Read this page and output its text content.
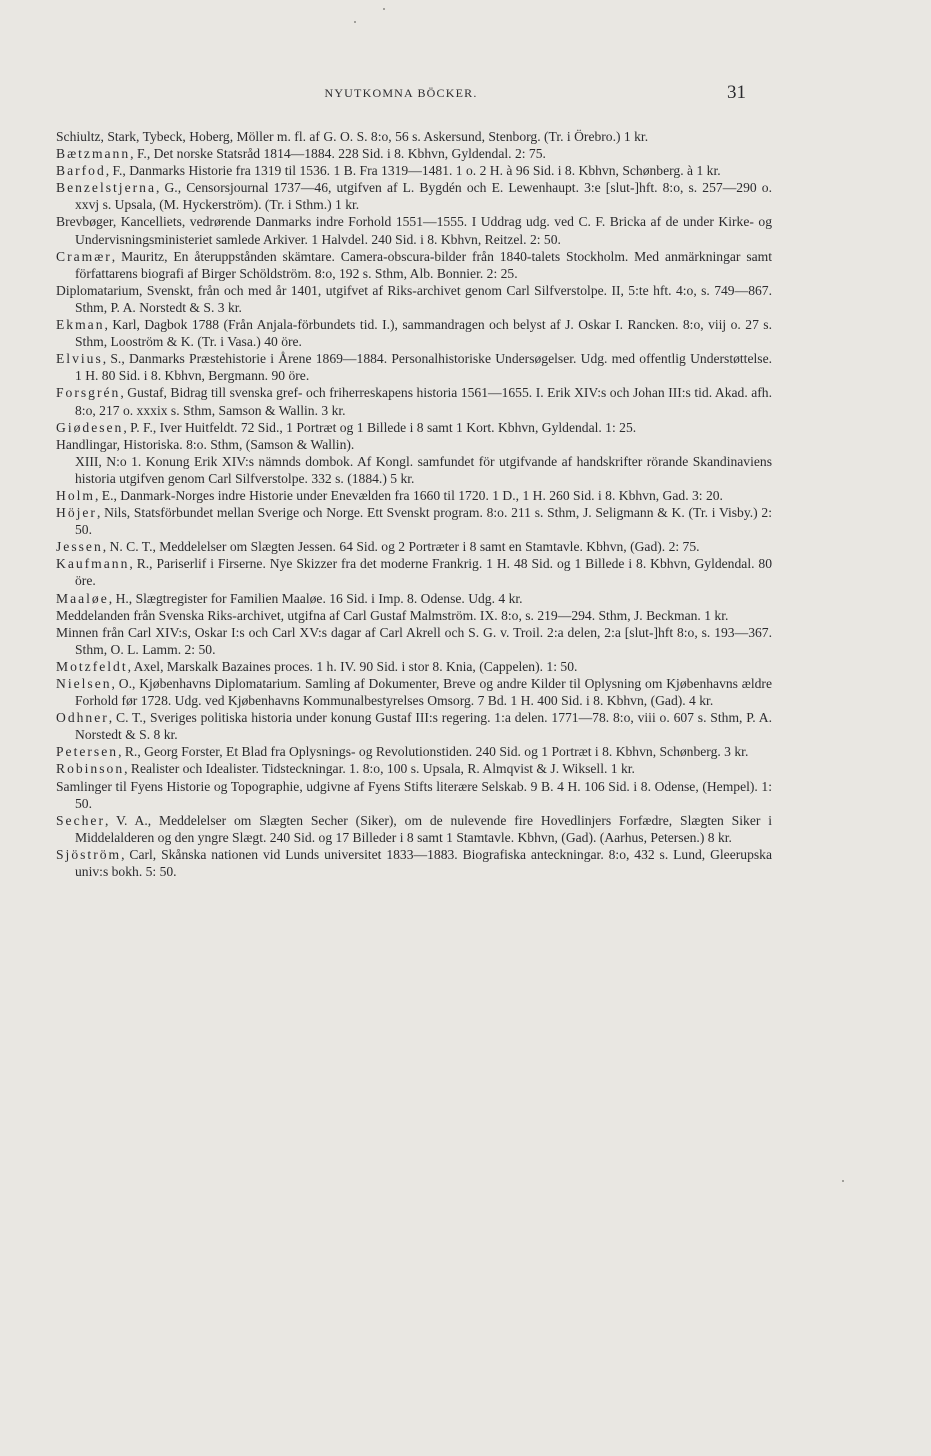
NYUTKOMNA BÖCKER.	31

Schiultz, Stark, Tybeck, Hoberg, Möller m. fl. af G. O. S. 8:o, 56 s. Askersund, Stenborg. (Tr. i Örebro.) 1 kr.

Bætzmann, F., Det norske Statsråd 1814—1884. 228 Sid. i 8. Kbhvn, Gyldendal. 2: 75.

Barfod, F., Danmarks Historie fra 1319 til 1536. 1 B. Fra 1319—1481. 1 o. 2 H. à 96 Sid. i 8. Kbhvn, Schønberg. à 1 kr.

Benzelstjerna, G., Censorsjournal 1737—46, utgifven af L. Bygdén och E. Lewenhaupt. 3:e [slut-]hft. 8:o, s. 257—290 o. xxvj s. Upsala, (M. Hyckerström). (Tr. i Sthm.) 1 kr.

Brevbøger, Kancelliets, vedrørende Danmarks indre Forhold 1551—1555. I Uddrag udg. ved C. F. Bricka af de under Kirke- og Undervisningsministeriet samlede Arkiver. 1 Halvdel. 240 Sid. i 8. Kbhvn, Reitzel. 2: 50.

Cramær, Mauritz, En återuppstånden skämtare. Camera-obscura-bilder från 1840-talets Stockholm. Med anmärkningar samt författarens biografi af Birger Schöldström. 8:o, 192 s. Sthm, Alb. Bonnier. 2: 25.

Diplomatarium, Svenskt, från och med år 1401, utgifvet af Riks-archivet genom Carl Silfverstolpe. II, 5:te hft. 4:o, s. 749—867. Sthm, P. A. Norstedt & S. 3 kr.

Ekman, Karl, Dagbok 1788 (Från Anjala-förbundets tid. I.), sammandragen och belyst af J. Oskar I. Rancken. 8:o, viij o. 27 s. Sthm, Looström & K. (Tr. i Vasa.) 40 öre.

Elvius, S., Danmarks Præstehistorie i Årene 1869—1884. Personalhistoriske Undersøgelser. Udg. med offentlig Understøttelse. 1 H. 80 Sid. i 8. Kbhvn, Bergmann. 90 öre.

Forsgrén, Gustaf, Bidrag till svenska gref- och friherreskapens historia 1561—1655. I. Erik XIV:s och Johan III:s tid. Akad. afh. 8:o, 217 o. xxxix s. Sthm, Samson & Wallin. 3 kr.

Giødesen, P. F., Iver Huitfeldt. 72 Sid., 1 Portræt og 1 Billede i 8 samt 1 Kort. Kbhvn, Gyldendal. 1: 25.

Handlingar, Historiska. 8:o. Sthm, (Samson & Wallin).

XIII, N:o 1. Konung Erik XIV:s nämnds dombok. Af Kongl. samfundet för utgifvande af handskrifter rörande Skandinaviens historia utgifven genom Carl Silfverstolpe. 332 s. (1884.) 5 kr.

Holm, E., Danmark-Norges indre Historie under Enevælden fra 1660 til 1720. 1 D., 1 H. 260 Sid. i 8. Kbhvn, Gad. 3: 20.

Höjer, Nils, Statsförbundet mellan Sverige och Norge. Ett Svenskt program. 8:o. 211 s. Sthm, J. Seligmann & K. (Tr. i Visby.) 2: 50.

Jessen, N. C. T., Meddelelser om Slægten Jessen. 64 Sid. og 2 Portræter i 8 samt en Stamtavle. Kbhvn, (Gad). 2: 75.

Kaufmann, R., Pariserlif i Firserne. Nye Skizzer fra det moderne Frankrig. 1 H. 48 Sid. og 1 Billede i 8. Kbhvn, Gyldendal. 80 öre.

Maaløe, H., Slægtregister for Familien Maaløe. 16 Sid. i Imp. 8. Odense. Udg. 4 kr.

Meddelanden från Svenska Riks-archivet, utgifna af Carl Gustaf Malmström. IX. 8:o, s. 219—294. Sthm, J. Beckman. 1 kr.

Minnen från Carl XIV:s, Oskar I:s och Carl XV:s dagar af Carl Akrell och S. G. v. Troil. 2:a delen, 2:a [slut-]hft 8:o, s. 193—367. Sthm, O. L. Lamm. 2: 50.

Motzfeldt, Axel, Marskalk Bazaines proces. 1 h. IV. 90 Sid. i stor 8. Knia, (Cappelen). 1: 50.

Nielsen, O., Kjøbenhavns Diplomatarium. Samling af Dokumenter, Breve og andre Kilder til Oplysning om Kjøbenhavns ældre Forhold før 1728. Udg. ved Kjøbenhavns Kommunalbestyrelses Omsorg. 7 Bd. 1 H. 400 Sid. i 8. Kbhvn, (Gad). 4 kr.

Odhner, C. T., Sveriges politiska historia under konung Gustaf III:s regering. 1:a delen. 1771—78. 8:o, viii o. 607 s. Sthm, P. A. Norstedt & S. 8 kr.

Petersen, R., Georg Forster, Et Blad fra Oplysnings- og Revolutionstiden. 240 Sid. og 1 Portræt i 8. Kbhvn, Schønberg. 3 kr.

Robinson, Realister och Idealister. Tidsteckningar. 1. 8:o, 100 s. Upsala, R. Almqvist & J. Wiksell. 1 kr.

Samlinger til Fyens Historie og Topographie, udgivne af Fyens Stifts literære Selskab. 9 B. 4 H. 106 Sid. i 8. Odense, (Hempel). 1: 50.

Secher, V. A., Meddelelser om Slægten Secher (Siker), om de nulevende fire Hovedlinjers Forfædre, Slægten Siker i Middelalderen og den yngre Slægt. 240 Sid. og 17 Billeder i 8 samt 1 Stamtavle. Kbhvn, (Gad). (Aarhus, Petersen.) 8 kr.

Sjöström, Carl, Skånska nationen vid Lunds universitet 1833—1883. Biografiska anteckningar. 8:o, 432 s. Lund, Gleerupska univ:s bokh. 5: 50.
